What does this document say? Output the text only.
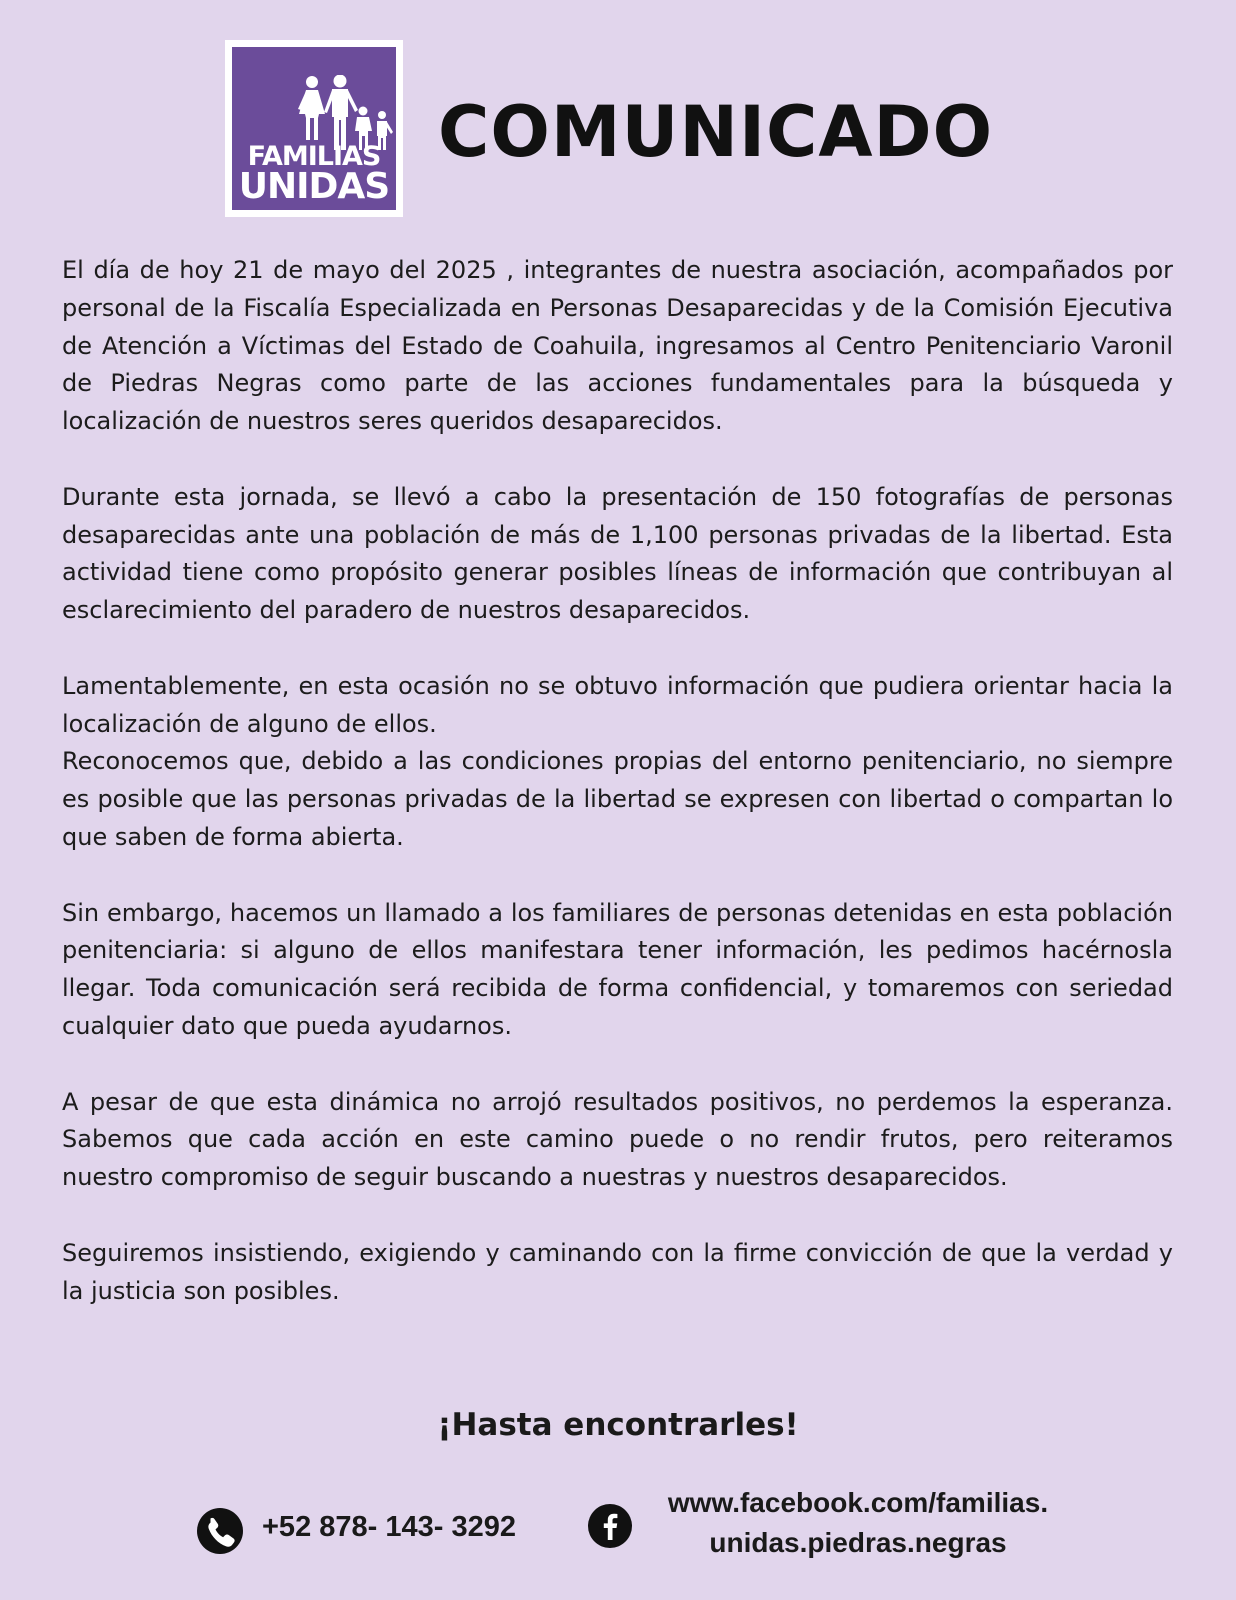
FAMILIAS
UNIDAS
COMUNICADO

El día de hoy 21 de mayo del 2025 , integrantes de nuestra asociación, acompañados por personal de la Fiscalía Especializada en Personas Desaparecidas y de la Comisión Ejecutiva de Atención a Víctimas del Estado de Coahuila, ingresamos al Centro Penitenciario Varonil de Piedras Negras como parte de las acciones fundamentales para la búsqueda y localización de nuestros seres queridos desaparecidos.

Durante esta jornada, se llevó a cabo la presentación de 150 fotografías de personas desaparecidas ante una población de más de 1,100 personas privadas de la libertad. Esta actividad tiene como propósito generar posibles líneas de información que contribuyan al esclarecimiento del paradero de nuestros desaparecidos.

Lamentablemente, en esta ocasión no se obtuvo información que pudiera orientar hacia la localización de alguno de ellos.

Reconocemos que, debido a las condiciones propias del entorno penitenciario, no siempre es posible que las personas privadas de la libertad se expresen con libertad o compartan lo que saben de forma abierta.

Sin embargo, hacemos un llamado a los familiares de personas detenidas en esta población penitenciaria: si alguno de ellos manifestara tener información, les pedimos hacérnosla llegar. Toda comunicación será recibida de forma confidencial, y tomaremos con seriedad cualquier dato que pueda ayudarnos.

A pesar de que esta dinámica no arrojó resultados positivos, no perdemos la esperanza. Sabemos que cada acción en este camino puede o no rendir frutos, pero reiteramos nuestro compromiso de seguir buscando a nuestras y nuestros desaparecidos.

Seguiremos insistiendo, exigiendo y caminando con la firme convicción de que la verdad y la justicia son posibles.

¡Hasta encontrarles!
+52 878- 143- 3292
www.facebook.com/familias.
unidas.piedras.negras
